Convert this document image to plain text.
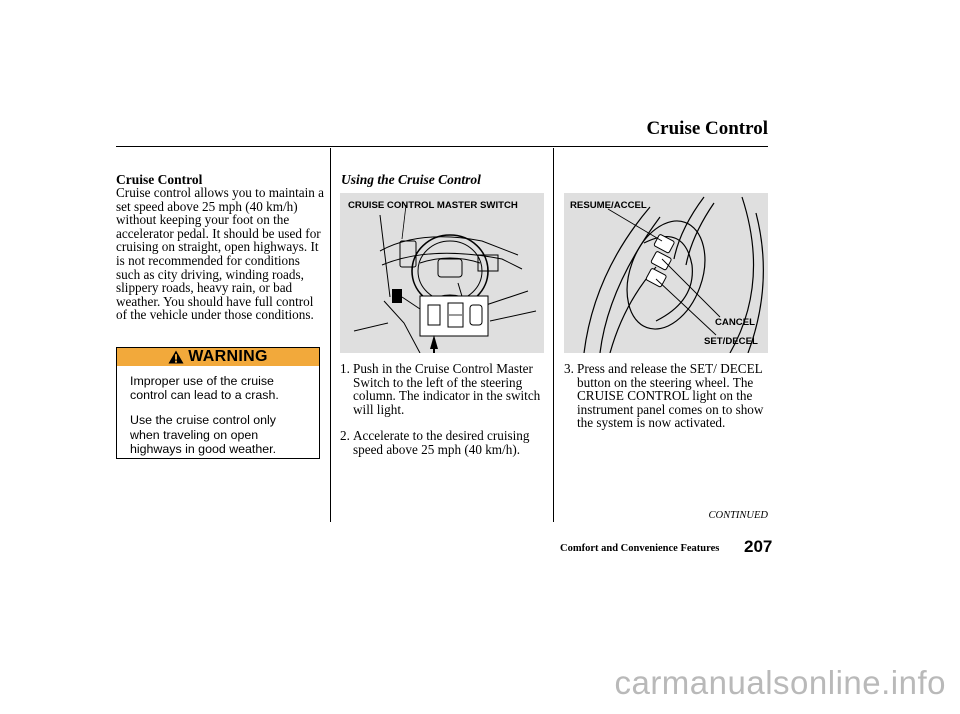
Cruise Control
Cruise Control
Cruise control allows you to maintain a set speed above 25 mph (40 km/h) without keeping your foot on the accelerator pedal. It should be used for cruising on straight, open highways. It is not recommended for conditions such as city driving, winding roads, slippery roads, heavy rain, or bad weather. You should have full control of the vehicle under those conditions.
WARNING

Improper use of the cruise control can lead to a crash.

Use the cruise control only when traveling on open highways in good weather.

Using the Cruise Control
CRUISE CONTROL MASTER SWITCH
1. Push in the Cruise Control Master Switch to the left of the steering column. The indicator in the switch will light.
2. Accelerate to the desired cruising speed above 25 mph (40 km/h).
RESUME/ACCEL
CANCEL
SET/DECEL
3. Press and release the SET/ DECEL button on the steering wheel. The CRUISE CONTROL light on the instrument panel comes on to show the system is now activated.
CONTINUED
Comfort and Convenience Features 207
carmanualsonline.info
